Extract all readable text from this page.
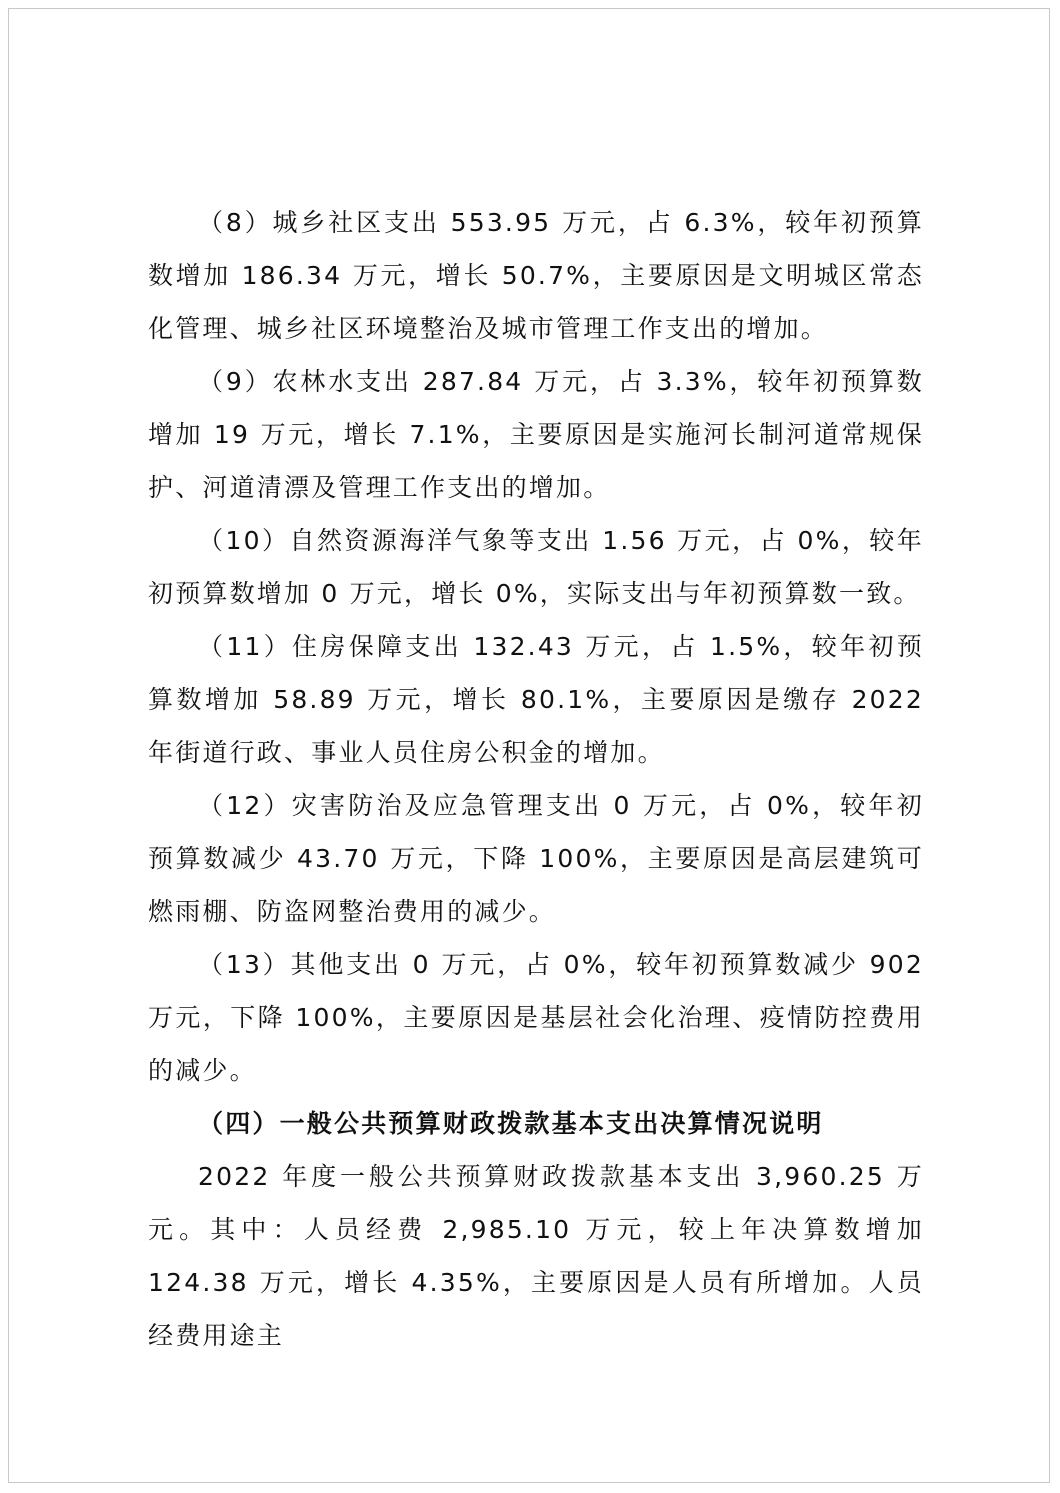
（8）城乡社区支出 553.95 万元，占 6.3%，较年初预算数增加 186.34 万元，增长 50.7%，主要原因是文明城区常态化管理、城乡社区环境整治及城市管理工作支出的增加。

（9）农林水支出 287.84 万元，占 3.3%，较年初预算数增加 19 万元，增长 7.1%，主要原因是实施河长制河道常规保护、河道清漂及管理工作支出的增加。

（10）自然资源海洋气象等支出 1.56 万元，占 0%，较年初预算数增加 0 万元，增长 0%，实际支出与年初预算数一致。

（11）住房保障支出 132.43 万元，占 1.5%，较年初预算数增加 58.89 万元，增长 80.1%，主要原因是缴存 2022 年街道行政、事业人员住房公积金的增加。

（12）灾害防治及应急管理支出 0 万元，占 0%，较年初预算数减少 43.70 万元，下降 100%，主要原因是高层建筑可燃雨棚、防盗网整治费用的减少。

（13）其他支出 0 万元，占 0%，较年初预算数减少 902 万元，下降 100%，主要原因是基层社会化治理、疫情防控费用的减少。

（四）一般公共预算财政拨款基本支出决算情况说明

2022 年度一般公共预算财政拨款基本支出 3,960.25 万元。其中：人员经费 2,985.10 万元，较上年决算数增加 124.38 万元，增长 4.35%，主要原因是人员有所增加。人员经费用途主
